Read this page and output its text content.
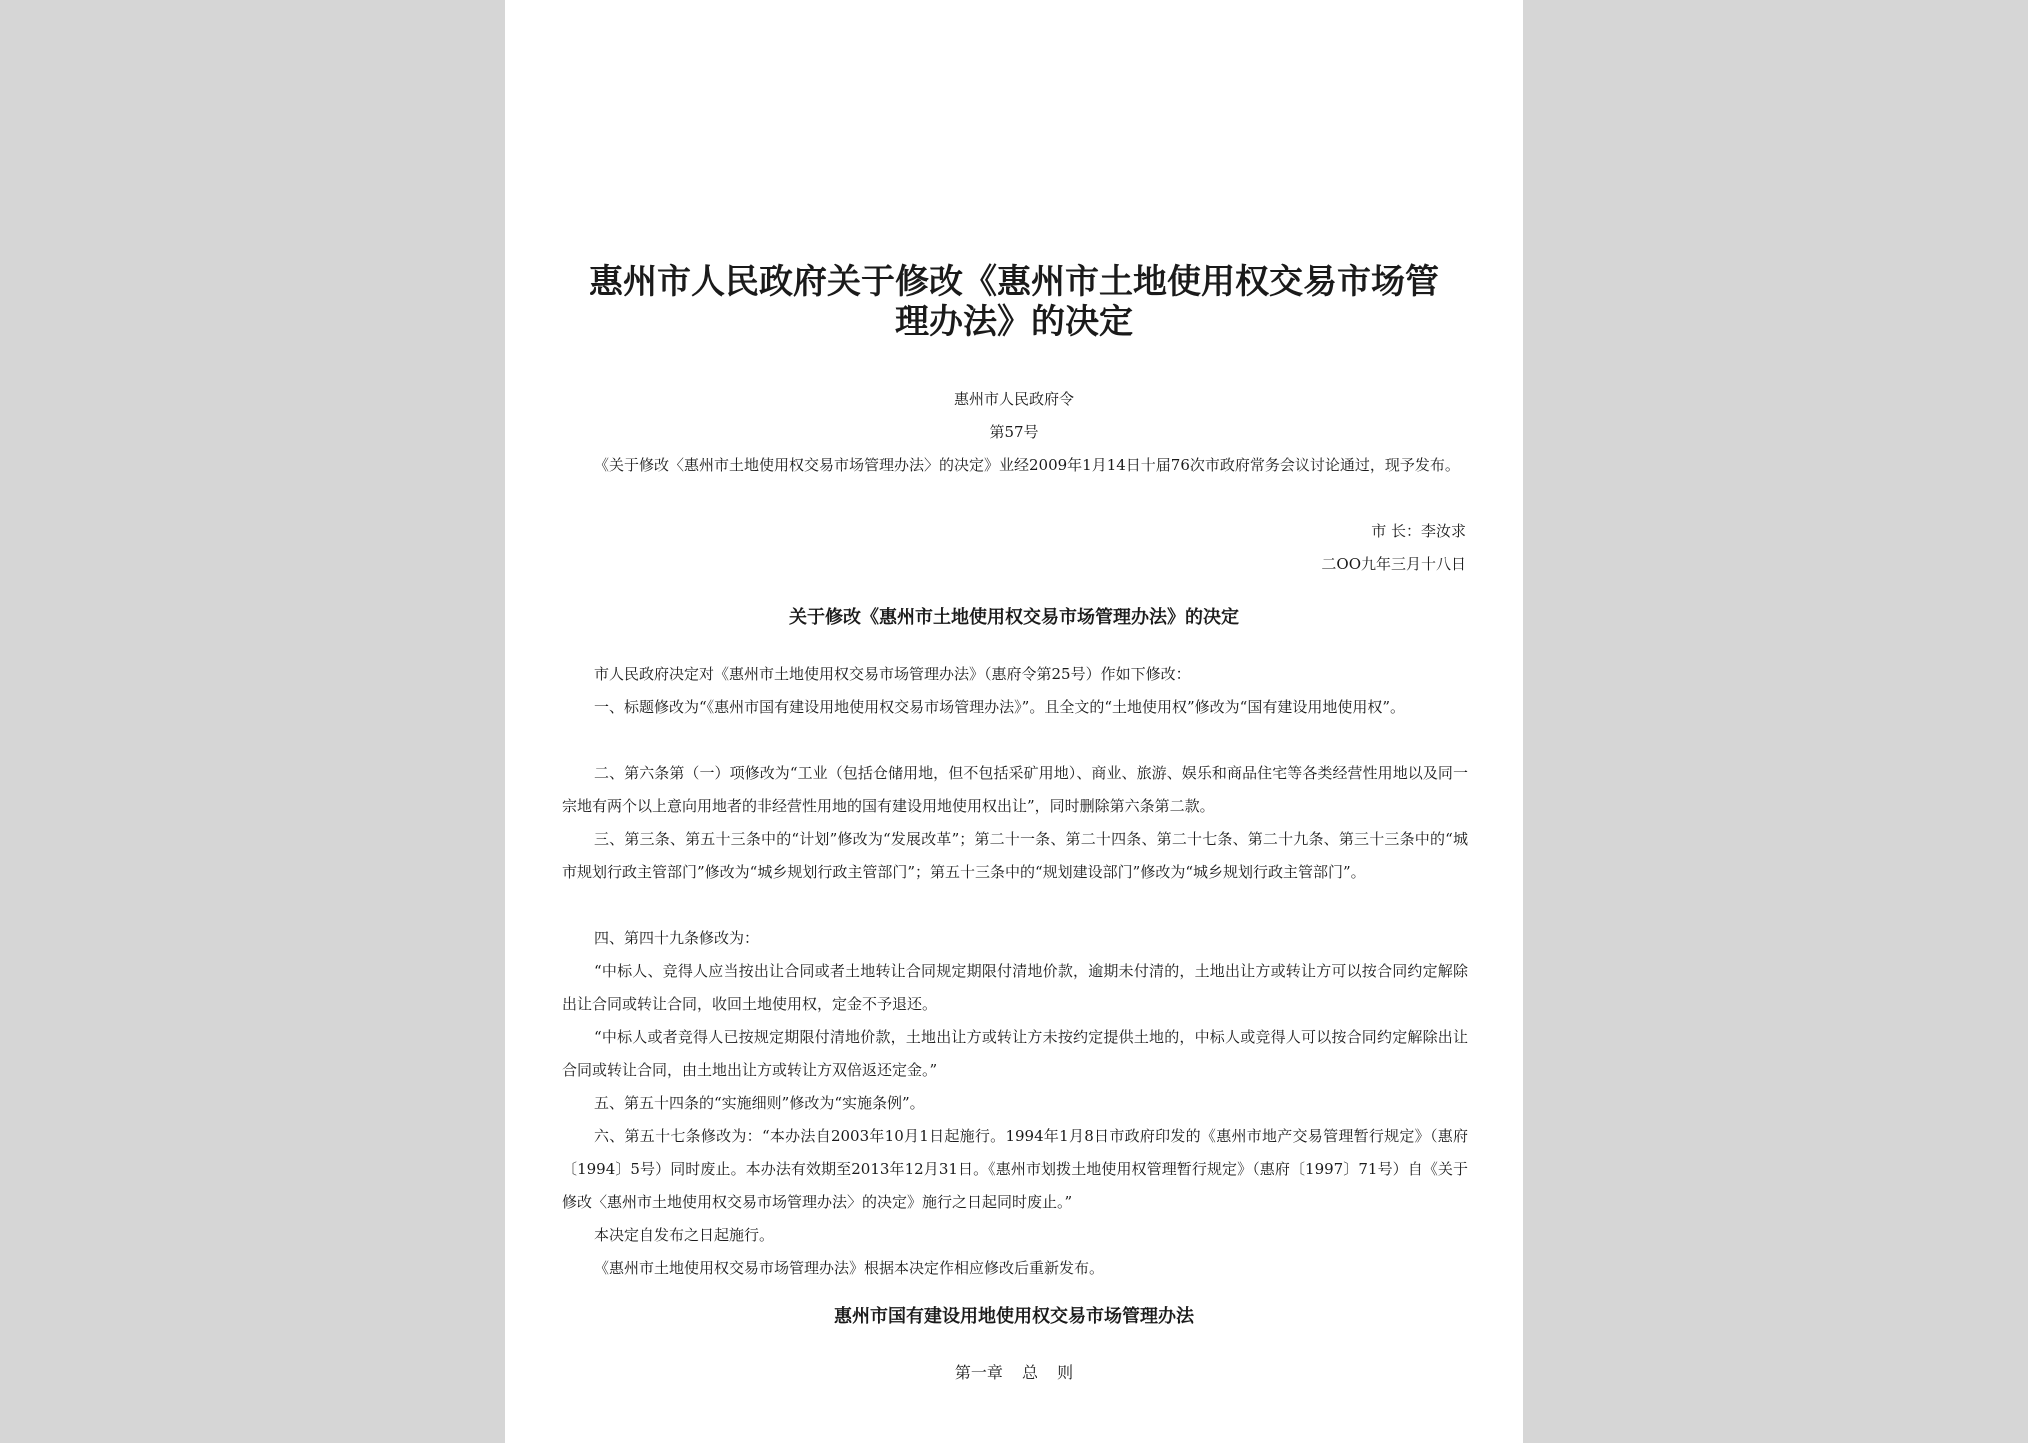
惠州市人民政府关于修改《惠州市土地使用权交易市场管理办法》的决定
惠州市人民政府令
第57号

《关于修改〈惠州市土地使用权交易市场管理办法〉的决定》业经2009年1月14日十届76次市政府常务会议讨论通过，现予发布。

市 长：李汝求
二OO九年三月十八日
关于修改《惠州市土地使用权交易市场管理办法》的决定

市人民政府决定对《惠州市土地使用权交易市场管理办法》（惠府令第25号）作如下修改：

一、标题修改为“《惠州市国有建设用地使用权交易市场管理办法》”。且全文的“土地使用权”修改为“国有建设用地使用权”。

二、第六条第（一）项修改为“工业（包括仓储用地，但不包括采矿用地）、商业、旅游、娱乐和商品住宅等各类经营性用地以及同一宗地有两个以上意向用地者的非经营性用地的国有建设用地使用权出让”，同时删除第六条第二款。

三、第三条、第五十三条中的“计划”修改为“发展改革”；第二十一条、第二十四条、第二十七条、第二十九条、第三十三条中的“城市规划行政主管部门”修改为“城乡规划行政主管部门”；第五十三条中的“规划建设部门”修改为“城乡规划行政主管部门”。

四、第四十九条修改为：

“中标人、竞得人应当按出让合同或者土地转让合同规定期限付清地价款，逾期未付清的，土地出让方或转让方可以按合同约定解除出让合同或转让合同，收回土地使用权，定金不予退还。

“中标人或者竞得人已按规定期限付清地价款，土地出让方或转让方未按约定提供土地的，中标人或竞得人可以按合同约定解除出让合同或转让合同，由土地出让方或转让方双倍返还定金。”

五、第五十四条的“实施细则”修改为“实施条例”。

六、第五十七条修改为：“本办法自2003年10月1日起施行。1994年1月8日市政府印发的《惠州市地产交易管理暂行规定》（惠府〔1994〕5号）同时废止。本办法有效期至2013年12月31日。《惠州市划拨土地使用权管理暂行规定》（惠府〔1997〕71号）自《关于修改〈惠州市土地使用权交易市场管理办法〉的决定》施行之日起同时废止。”

本决定自发布之日起施行。

《惠州市土地使用权交易市场管理办法》根据本决定作相应修改后重新发布。

惠州市国有建设用地使用权交易市场管理办法
第一章 总 则
